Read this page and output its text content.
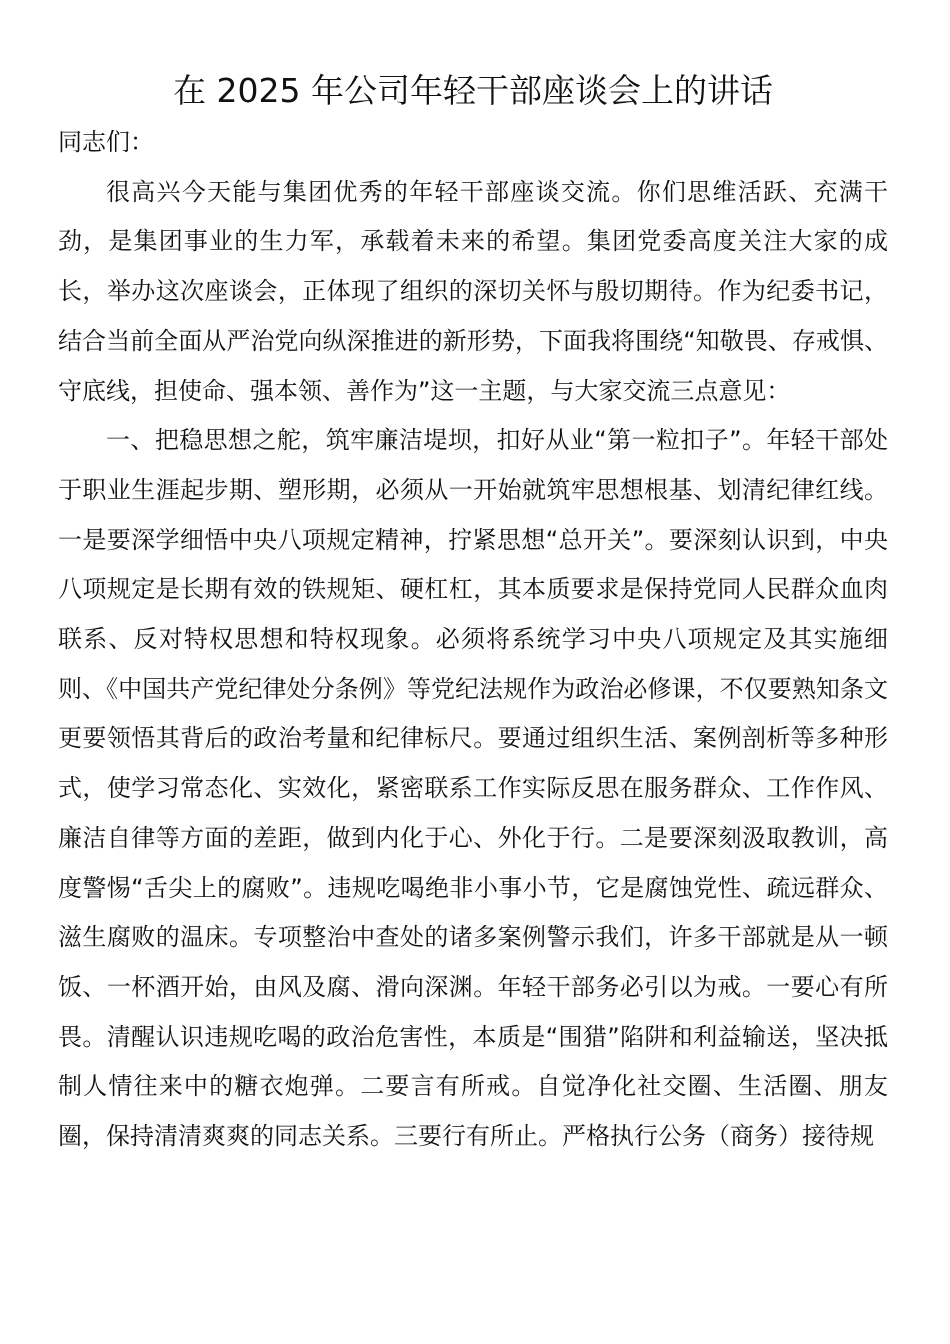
在 2025 年公司年轻干部座谈会上的讲话

同志们：

很高兴今天能与集团优秀的年轻干部座谈交流。你们思维活跃、充满干劲，是集团事业的生力军，承载着未来的希望。集团党委高度关注大家的成长，举办这次座谈会，正体现了组织的深切关怀与殷切期待。作为纪委书记，结合当前全面从严治党向纵深推进的新形势，下面我将围绕“知敬畏、存戒惧、守底线，担使命、强本领、善作为”这一主题，与大家交流三点意见：

一、把稳思想之舵，筑牢廉洁堤坝，扣好从业“第一粒扣子”。年轻干部处于职业生涯起步期、塑形期，必须从一开始就筑牢思想根基、划清纪律红线。一是要深学细悟中央八项规定精神，拧紧思想“总开关”。要深刻认识到，中央八项规定是长期有效的铁规矩、硬杠杠，其本质要求是保持党同人民群众血肉联系、反对特权思想和特权现象。必须将系统学习中央八项规定及其实施细则、《中国共产党纪律处分条例》等党纪法规作为政治必修课，不仅要熟知条文更要领悟其背后的政治考量和纪律标尺。要通过组织生活、案例剖析等多种形式，使学习常态化、实效化，紧密联系工作实际反思在服务群众、工作作风、廉洁自律等方面的差距，做到内化于心、外化于行。二是要深刻汲取教训，高度警惕“舌尖上的腐败”。违规吃喝绝非小事小节，它是腐蚀党性、疏远群众、滋生腐败的温床。专项整治中查处的诸多案例警示我们，许多干部就是从一顿饭、一杯酒开始，由风及腐、滑向深渊。年轻干部务必引以为戒。一要心有所畏。清醒认识违规吃喝的政治危害性，本质是“围猎”陷阱和利益输送，坚决抵制人情往来中的糖衣炮弹。二要言有所戒。自觉净化社交圈、生活圈、朋友圈，保持清清爽爽的同志关系。三要行有所止。严格执行公务（商务）接待规
